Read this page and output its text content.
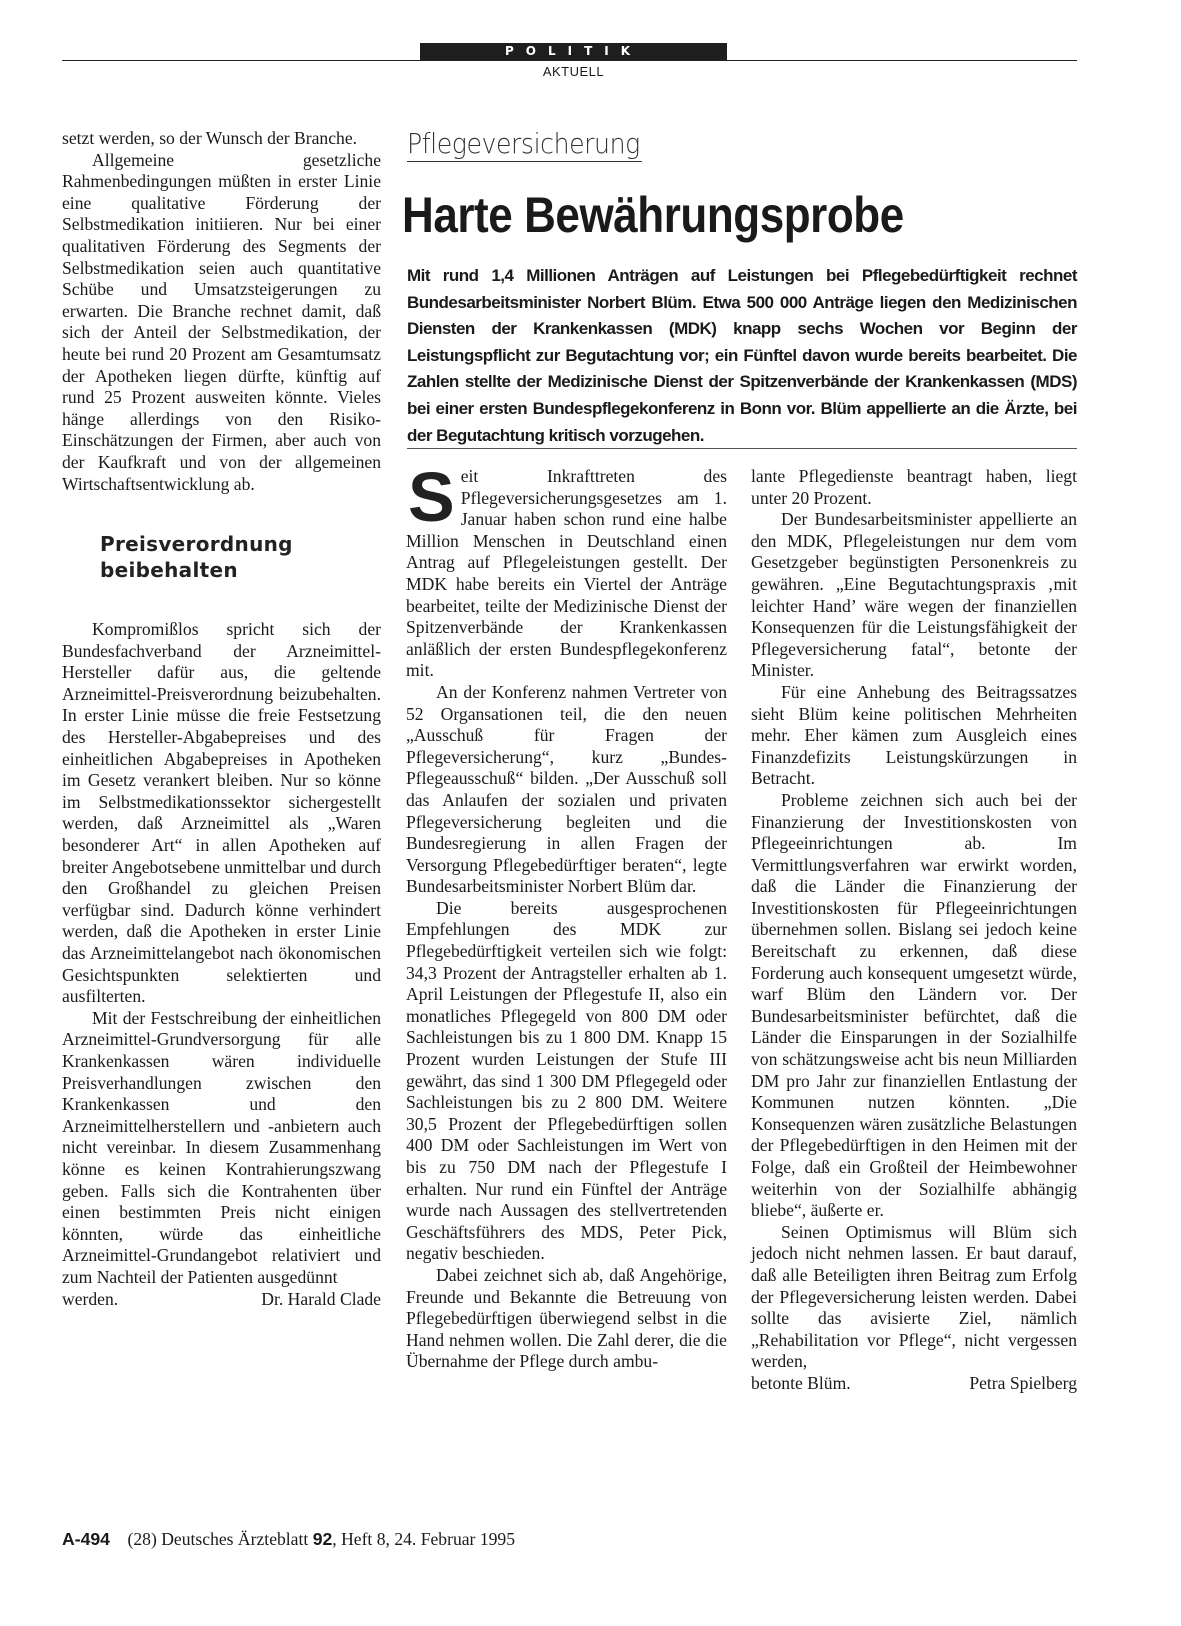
POLITIK
AKTUELL

setzt werden, so der Wunsch der Branche.

Allgemeine gesetzliche Rahmenbedingungen müßten in erster Linie eine qualitative Förderung der Selbstmedikation initiieren. Nur bei einer qualitativen Förderung des Segments der Selbstmedikation seien auch quantitative Schübe und Umsatzsteigerungen zu erwarten. Die Branche rechnet damit, daß sich der Anteil der Selbstmedikation, der heute bei rund 20 Prozent am Gesamtumsatz der Apotheken liegen dürfte, künftig auf rund 25 Prozent ausweiten könnte. Vieles hänge allerdings von den Risiko-Einschätzungen der Firmen, aber auch von der Kaufkraft und von der allgemeinen Wirtschaftsentwicklung ab.

Preisverordnung
beibehalten

Kompromißlos spricht sich der Bundesfachverband der Arzneimittel-Hersteller dafür aus, die geltende Arzneimittel-Preisverordnung beizubehalten. In erster Linie müsse die freie Festsetzung des Hersteller-Abgabepreises und des einheitlichen Abgabepreises in Apotheken im Gesetz verankert bleiben. Nur so könne im Selbstmedikationssektor sichergestellt werden, daß Arzneimittel als „Waren besonderer Art“ in allen Apotheken auf breiter Angebotsebene unmittelbar und durch den Großhandel zu gleichen Preisen verfügbar sind. Dadurch könne verhindert werden, daß die Apotheken in erster Linie das Arzneimittelangebot nach ökonomischen Gesichtspunkten selektierten und ausfilterten.

Mit der Festschreibung der einheitlichen Arzneimittel-Grundversorgung für alle Krankenkassen wären individuelle Preisverhandlungen zwischen den Krankenkassen und den Arzneimittelherstellern und -anbietern auch nicht vereinbar. In diesem Zusammenhang könne es keinen Kontrahierungszwang geben. Falls sich die Kontrahenten über einen bestimmten Preis nicht einigen könnten, würde das einheitliche Arzneimittel-Grundangebot relativiert und zum Nachteil der Patienten ausgedünnt

werden.	Dr. Harald Clade
Pflegeversicherung
Harte Bewährungsprobe
Mit rund 1,4 Millionen Anträgen auf Leistungen bei Pflegebedürftigkeit rechnet Bundesarbeitsminister Norbert Blüm. Etwa 500 000 Anträge liegen den Medizinischen Diensten der Krankenkassen (MDK) knapp sechs Wochen vor Beginn der Leistungspflicht zur Begutachtung vor; ein Fünftel davon wurde bereits bearbeitet. Die Zahlen stellte der Medizinische Dienst der Spitzenverbände der Krankenkassen (MDS) bei einer ersten Bundespflegekonferenz in Bonn vor. Blüm appellierte an die Ärzte, bei der Begutachtung kritisch vorzugehen.

Seit Inkrafttreten des Pflegeversicherungsgesetzes am 1. Januar haben schon rund eine halbe Million Menschen in Deutschland einen Antrag auf Pflegeleistungen gestellt. Der MDK habe bereits ein Viertel der Anträge bearbeitet, teilte der Medizinische Dienst der Spitzenverbände der Krankenkassen anläßlich der ersten Bundespflegekonferenz mit.

An der Konferenz nahmen Vertreter von 52 Organsationen teil, die den neuen „Ausschuß für Fragen der Pflegeversicherung“, kurz „Bundes-Pflegeausschuß“ bilden. „Der Ausschuß soll das Anlaufen der sozialen und privaten Pflegeversicherung begleiten und die Bundesregierung in allen Fragen der Versorgung Pflegebedürftiger beraten“, legte Bundesarbeitsminister Norbert Blüm dar.

Die bereits ausgesprochenen Empfehlungen des MDK zur Pflegebedürftigkeit verteilen sich wie folgt: 34,3 Prozent der Antragsteller erhalten ab 1. April Leistungen der Pflegestufe II, also ein monatliches Pflegegeld von 800 DM oder Sachleistungen bis zu 1 800 DM. Knapp 15 Prozent wurden Leistungen der Stufe III gewährt, das sind 1 300 DM Pflegegeld oder Sachleistungen bis zu 2 800 DM. Weitere 30,5 Prozent der Pflegebedürftigen sollen 400 DM oder Sachleistungen im Wert von bis zu 750 DM nach der Pflegestufe I erhalten. Nur rund ein Fünftel der Anträge wurde nach Aussagen des stellvertretenden Geschäftsführers des MDS, Peter Pick, negativ beschieden.

Dabei zeichnet sich ab, daß Angehörige, Freunde und Bekannte die Betreuung von Pflegebedürftigen überwiegend selbst in die Hand nehmen wollen. Die Zahl derer, die die Übernahme der Pflege durch ambu-

lante Pflegedienste beantragt haben, liegt unter 20 Prozent.

Der Bundesarbeitsminister appellierte an den MDK, Pflegeleistungen nur dem vom Gesetzgeber begünstigten Personenkreis zu gewähren. „Eine Begutachtungspraxis ‚mit leichter Hand’ wäre wegen der finanziellen Konsequenzen für die Leistungsfähigkeit der Pflegeversicherung fatal“, betonte der Minister.

Für eine Anhebung des Beitragssatzes sieht Blüm keine politischen Mehrheiten mehr. Eher kämen zum Ausgleich eines Finanzdefizits Leistungskürzungen in Betracht.

Probleme zeichnen sich auch bei der Finanzierung der Investitionskosten von Pflegeeinrichtungen ab. Im Vermittlungsverfahren war erwirkt worden, daß die Länder die Finanzierung der Investitionskosten für Pflegeeinrichtungen übernehmen sollen. Bislang sei jedoch keine Bereitschaft zu erkennen, daß diese Forderung auch konsequent umgesetzt würde, warf Blüm den Ländern vor. Der Bundesarbeitsminister befürchtet, daß die Länder die Einsparungen in der Sozialhilfe von schätzungsweise acht bis neun Milliarden DM pro Jahr zur finanziellen Entlastung der Kommunen nutzen könnten. „Die Konsequenzen wären zusätzliche Belastungen der Pflegebedürftigen in den Heimen mit der Folge, daß ein Großteil der Heimbewohner weiterhin von der Sozialhilfe abhängig bliebe“, äußerte er.

Seinen Optimismus will Blüm sich jedoch nicht nehmen lassen. Er baut darauf, daß alle Beteiligten ihren Beitrag zum Erfolg der Pflegeversicherung leisten werden. Dabei sollte das avisierte Ziel, nämlich „Rehabilitation vor Pflege“, nicht vergessen werden,

betonte Blüm.	Petra Spielberg
A-494 (28) Deutsches Ärzteblatt 92, Heft 8, 24. Februar 1995
